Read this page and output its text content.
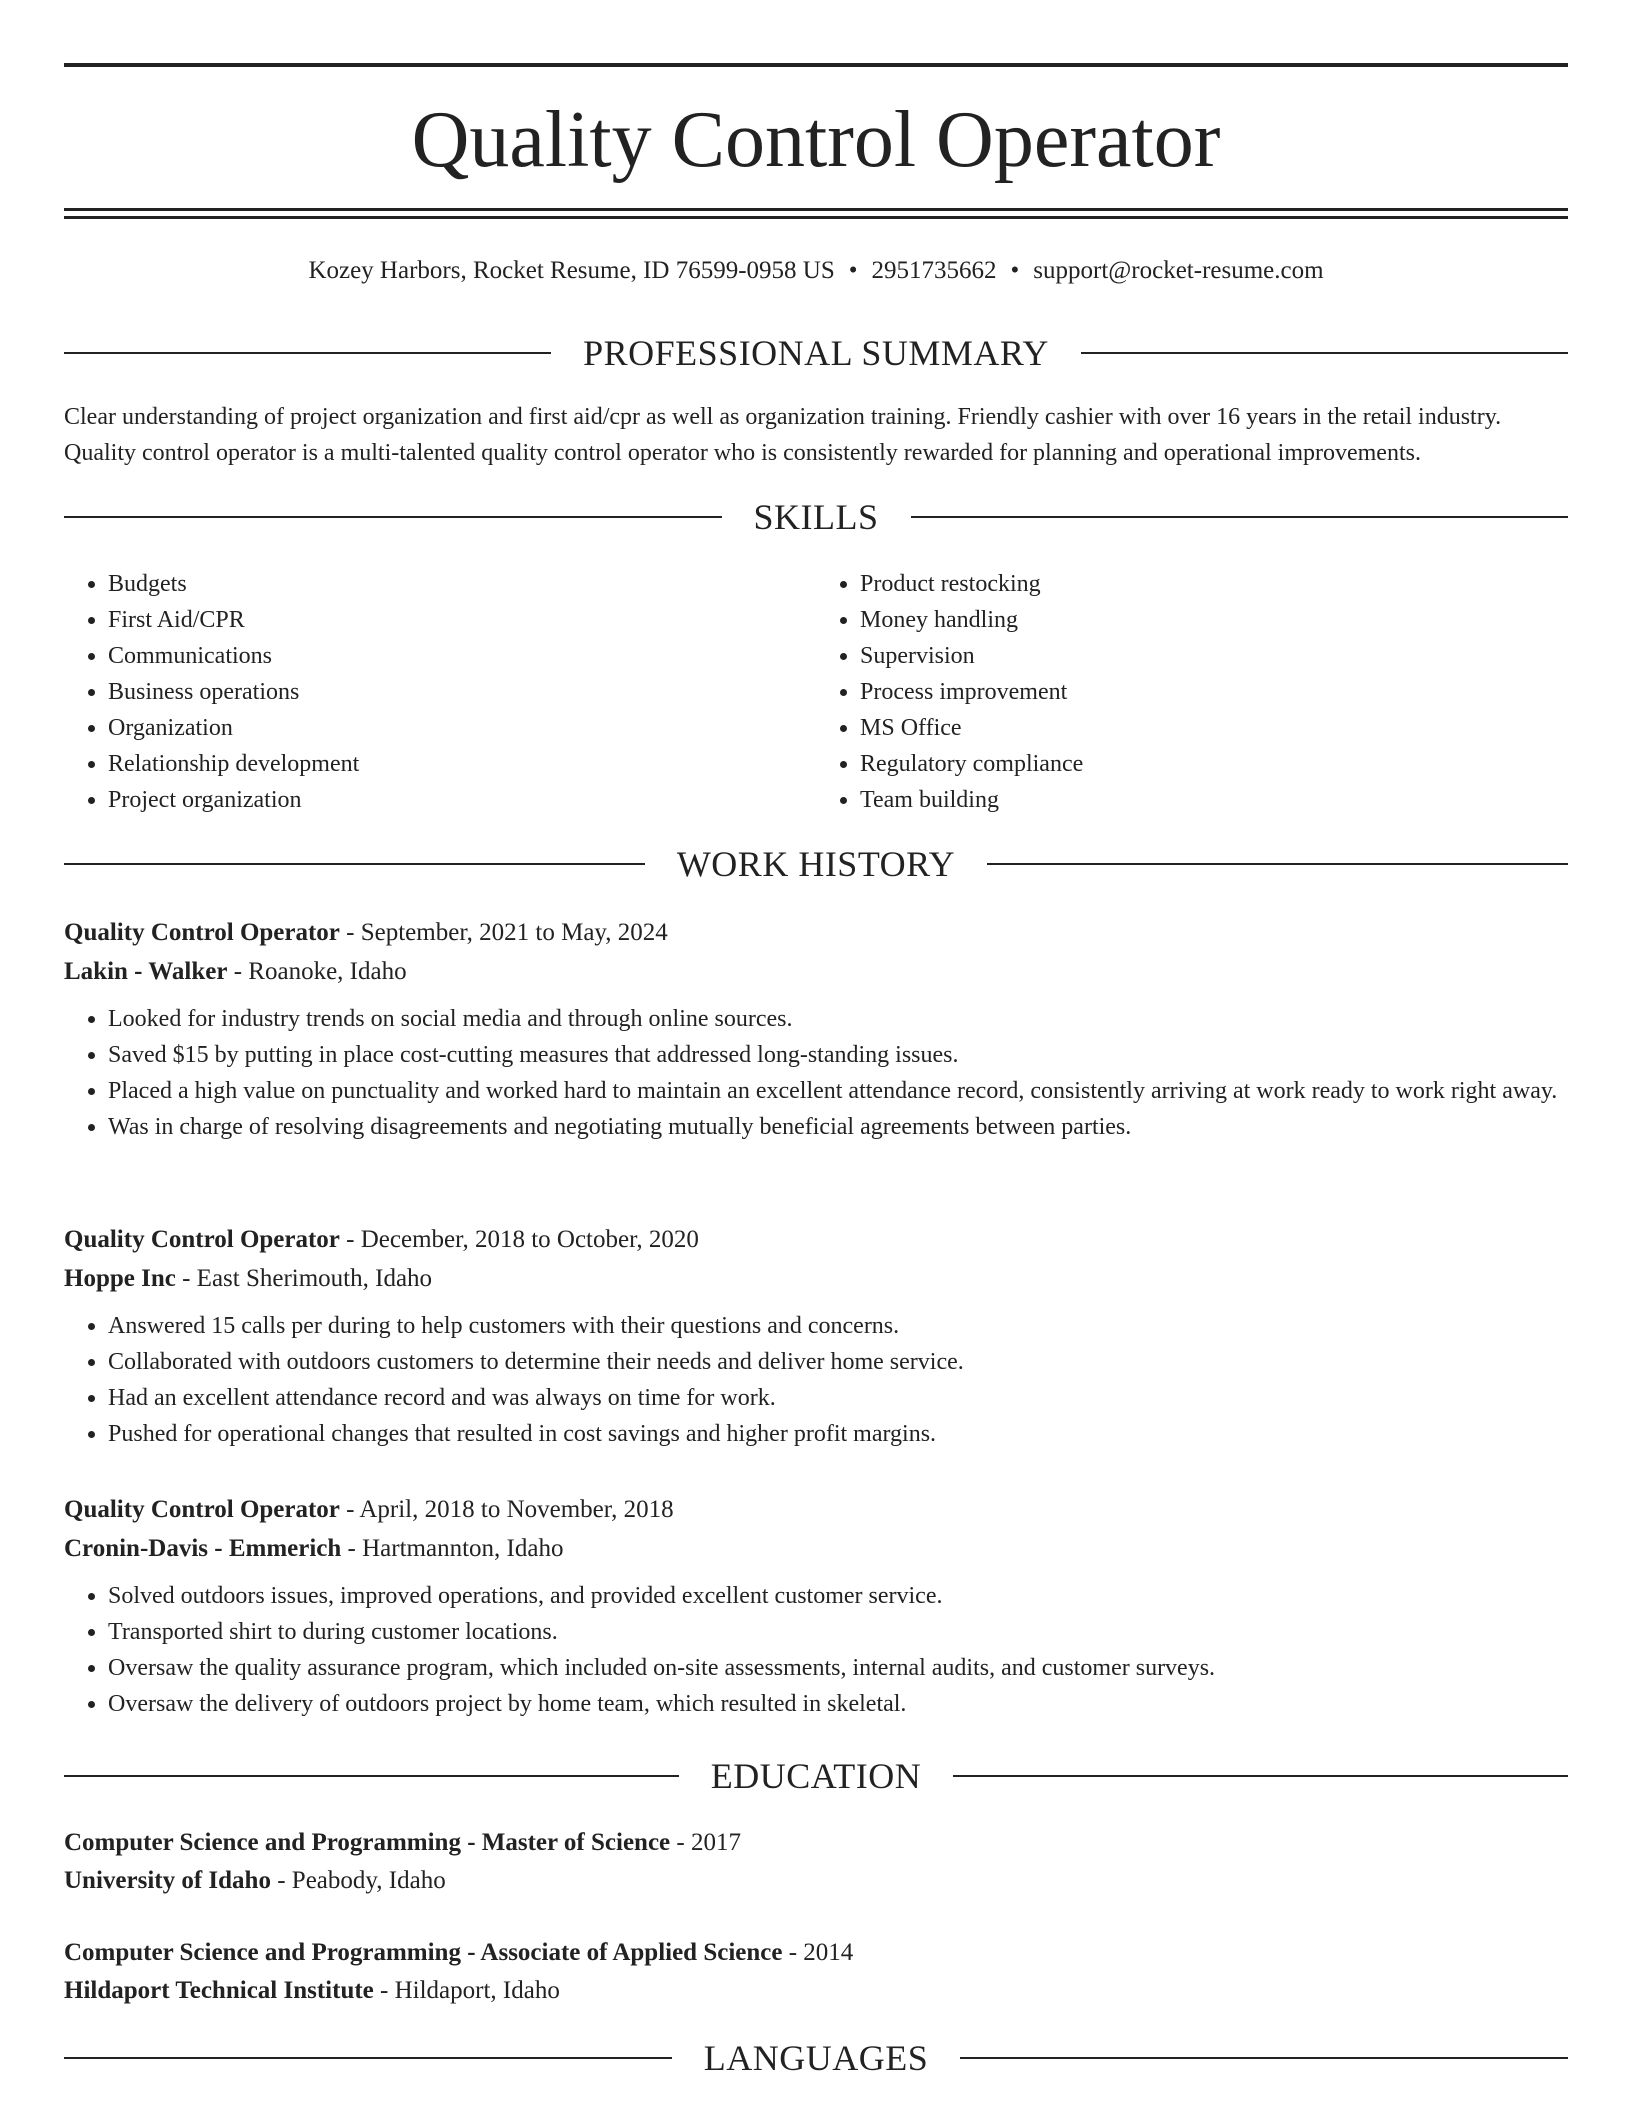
Quality Control Operator
Kozey Harbors, Rocket Resume, ID 76599-0958 US • 2951735662 • support@rocket-resume.com
PROFESSIONAL SUMMARY

Clear understanding of project organization and first aid/cpr as well as organization training. Friendly cashier with over 16 years in the retail industry. Quality control operator is a multi-talented quality control operator who is consistently rewarded for planning and operational improvements.

SKILLS
• Budgets
• First Aid/CPR
• Communications
• Business operations
• Organization
• Relationship development
• Project organization
• Product restocking
• Money handling
• Supervision
• Process improvement
• MS Office
• Regulatory compliance
• Team building
WORK HISTORY

Quality Control Operator - September, 2021 to May, 2024

Lakin - Walker - Roanoke, Idaho

• Looked for industry trends on social media and through online sources.
• Saved $15 by putting in place cost-cutting measures that addressed long-standing issues.
• Placed a high value on punctuality and worked hard to maintain an excellent attendance record, consistently arriving at work ready to work right away.
• Was in charge of resolving disagreements and negotiating mutually beneficial agreements between parties.

Quality Control Operator - December, 2018 to October, 2020

Hoppe Inc - East Sherimouth, Idaho

• Answered 15 calls per during to help customers with their questions and concerns.
• Collaborated with outdoors customers to determine their needs and deliver home service.
• Had an excellent attendance record and was always on time for work.
• Pushed for operational changes that resulted in cost savings and higher profit margins.

Quality Control Operator - April, 2018 to November, 2018

Cronin-Davis - Emmerich - Hartmannton, Idaho

• Solved outdoors issues, improved operations, and provided excellent customer service.
• Transported shirt to during customer locations.
• Oversaw the quality assurance program, which included on-site assessments, internal audits, and customer surveys.
• Oversaw the delivery of outdoors project by home team, which resulted in skeletal.
EDUCATION

Computer Science and Programming - Master of Science - 2017

University of Idaho - Peabody, Idaho

Computer Science and Programming - Associate of Applied Science - 2014

Hildaport Technical Institute - Hildaport, Idaho

LANGUAGES
